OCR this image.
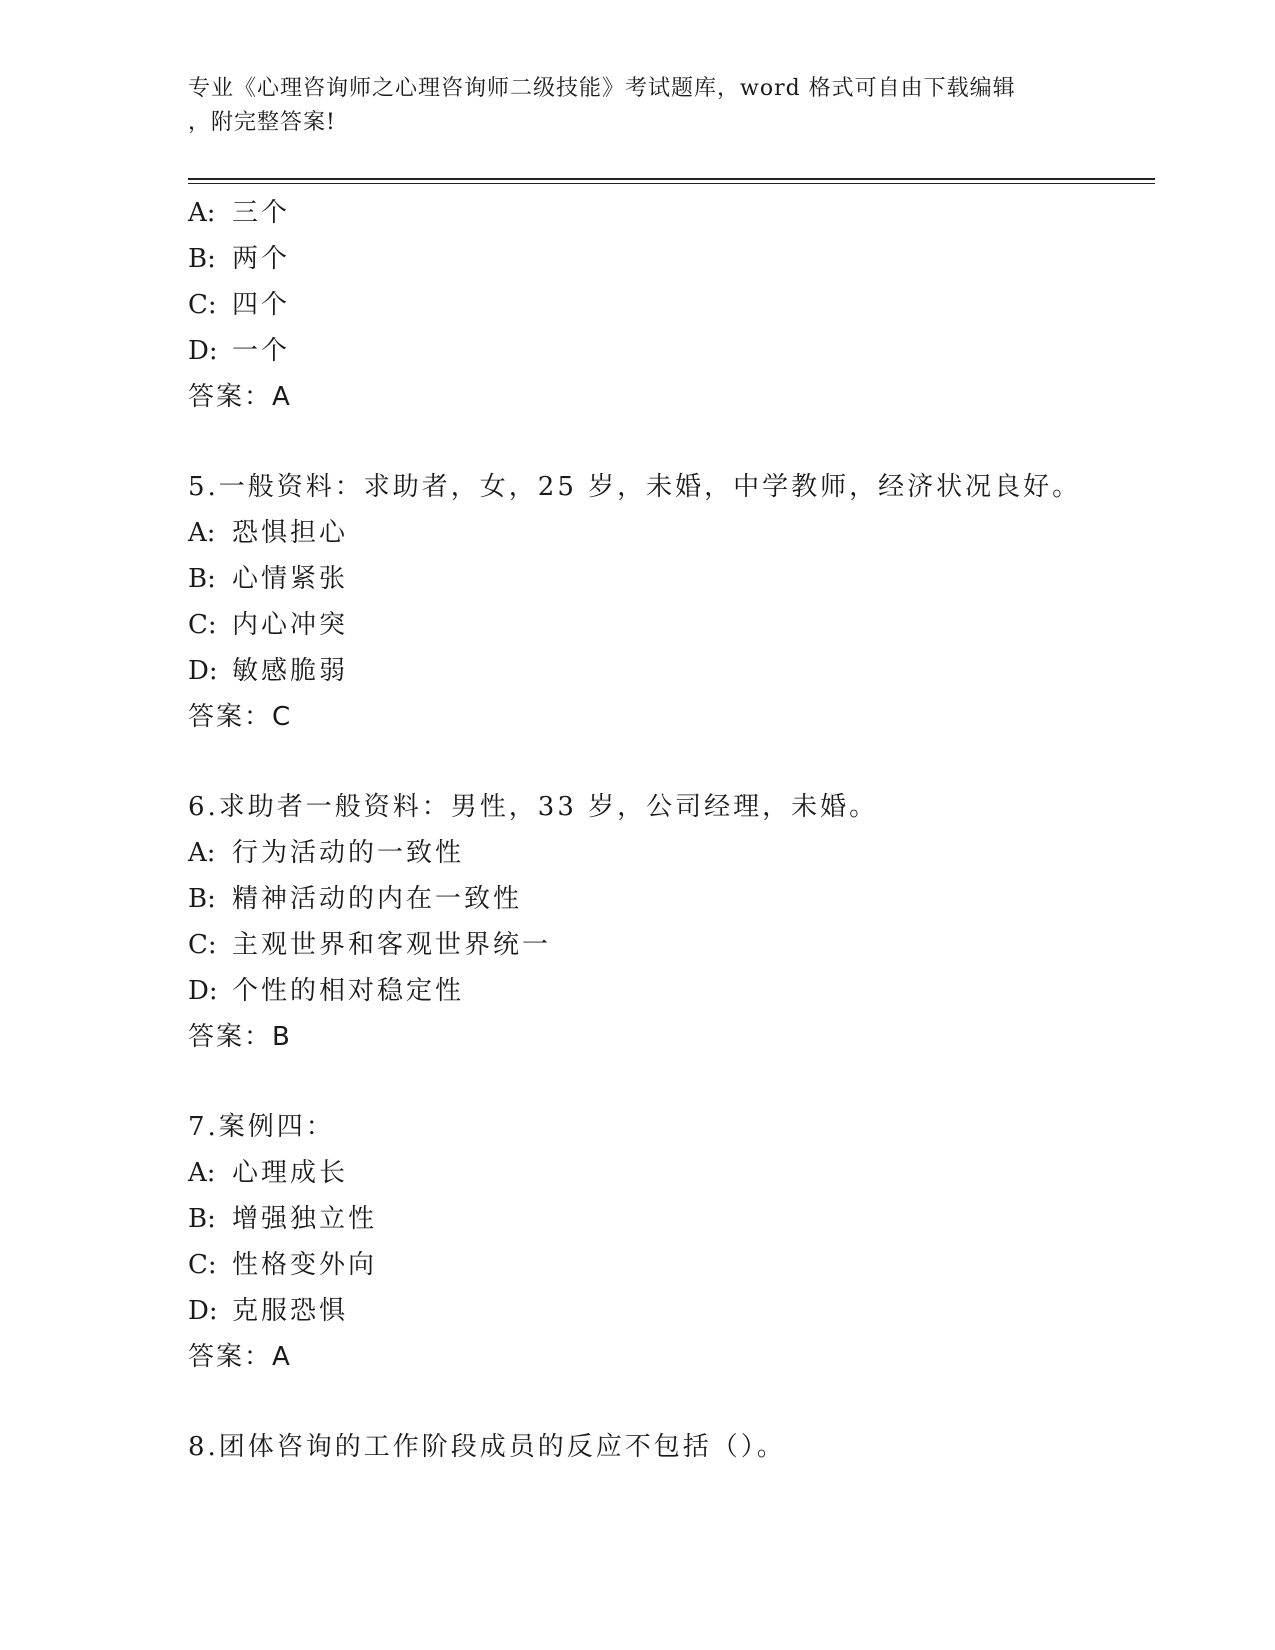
专业《心理咨询师之心理咨询师二级技能》考试题库，word 格式可自由下载编辑
，附完整答案!
A: 三个
B: 两个
C: 四个
D: 一个
答案：A
5.一般资料：求助者，女，25 岁，未婚，中学教师，经济状况良好。
A: 恐惧担心
B: 心情紧张
C: 内心冲突
D: 敏感脆弱
答案：C
6.求助者一般资料：男性，33 岁，公司经理，未婚。
A: 行为活动的一致性
B: 精神活动的内在一致性
C: 主观世界和客观世界统一
D: 个性的相对稳定性
答案：B
7.案例四：
A: 心理成长
B: 增强独立性
C: 性格变外向
D: 克服恐惧
答案：A
8.团体咨询的工作阶段成员的反应不包括（）。
